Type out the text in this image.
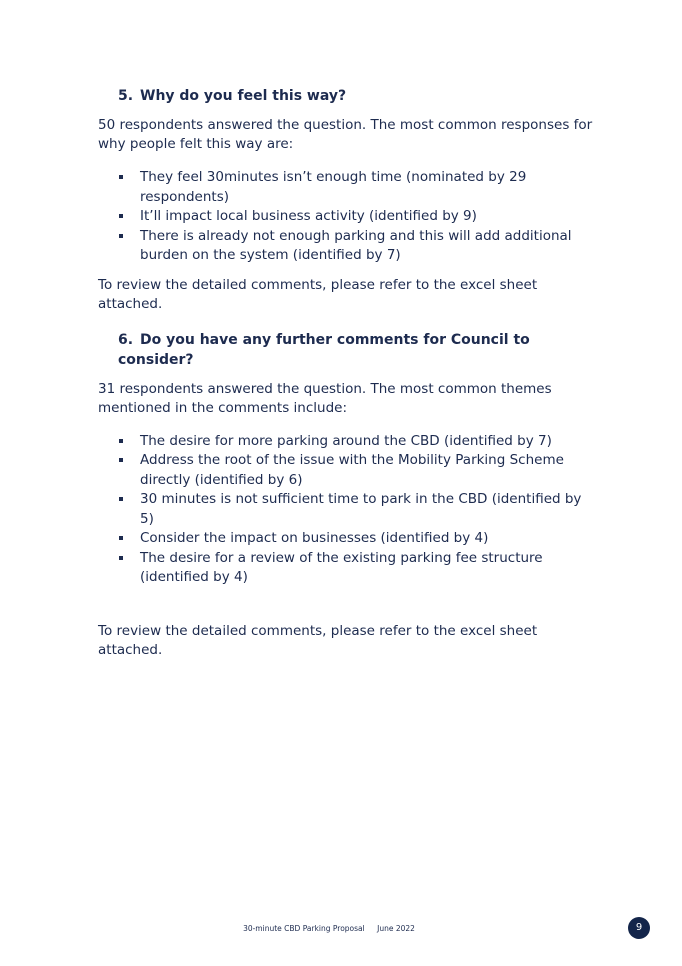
5. Why do you feel this way?

50 respondents answered the question. The most common responses for why people felt this way are:

They feel 30minutes isn’t enough time (nominated by 29 respondents)
It’ll impact local business activity (identified by 9)
There is already not enough parking and this will add additional burden on the system (identified by 7)

To review the detailed comments, please refer to the excel sheet attached.

6. Do you have any further comments for Council to consider?

31 respondents answered the question. The most common themes mentioned in the comments include:

The desire for more parking around the CBD (identified by 7)
Address the root of the issue with the Mobility Parking Scheme directly (identified by 6)
30 minutes is not sufficient time to park in the CBD (identified by 5)
Consider the impact on businesses (identified by 4)
The desire for a review of the existing parking fee structure (identified by 4)

To review the detailed comments, please refer to the excel sheet attached.

30-minute CBD Parking Proposal June 2022	9
